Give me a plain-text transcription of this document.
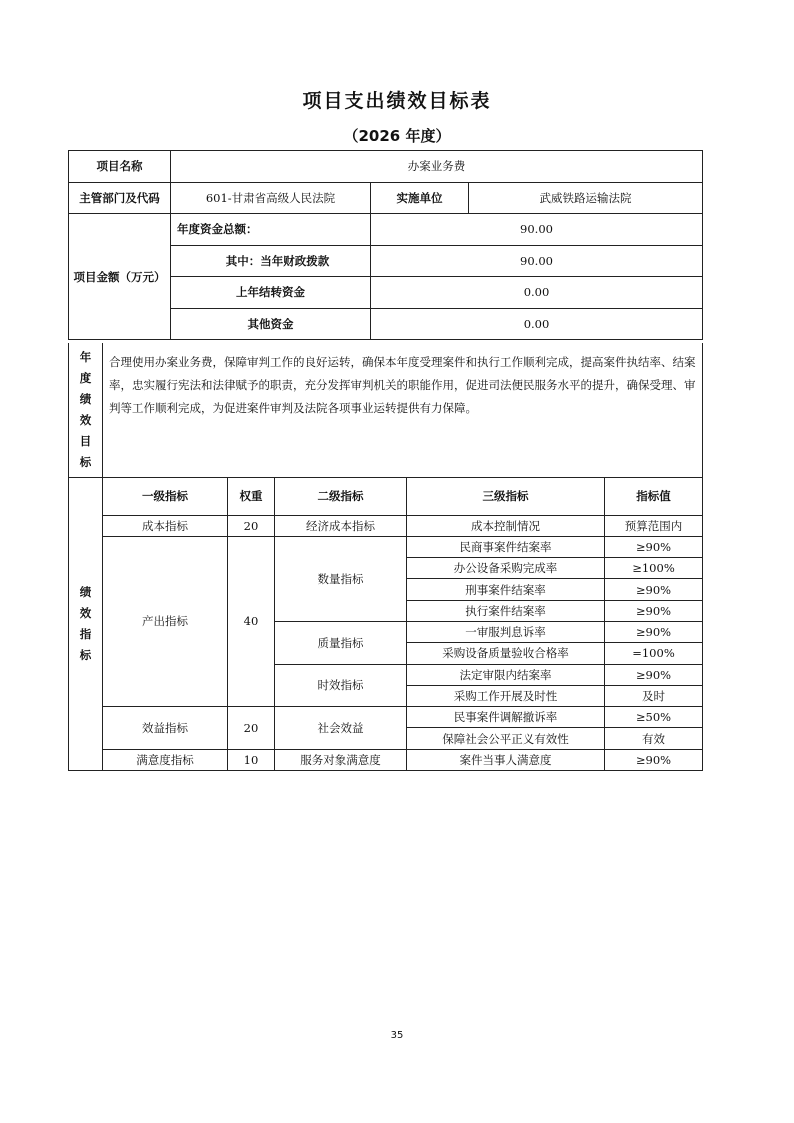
项目支出绩效目标表
（2026 年度）
项目名称	办案业务费		
主管部门及代码	601-甘肃省高级人民法院	实施单位	武威铁路运输法院
项目金额（万元）	年度资金总额：	90.00	
	其中：当年财政拨款	90.00	
	上年结转资金	0.00	
	其他资金	0.00	
年度绩效目标	合理使用办案业务费，保障审判工作的良好运转，确保本年度受理案件和执行工作顺利完成，提高案件执结率、结案率，忠实履行宪法和法律赋予的职责，充分发挥审判机关的职能作用，促进司法便民服务水平的提升，确保受理、审判等工作顺利完成，为促进案件审判及法院各项事业运转提供有力保障。
绩效指标	一级指标	权重	二级指标	三级指标	指标值
	成本指标	20	经济成本指标	成本控制情况	预算范围内
	产出指标	40	数量指标	民商事案件结案率	≥90%
				办公设备采购完成率	≥100%
				刑事案件结案率	≥90%
				执行案件结案率	≥90%
			质量指标	一审服判息诉率	≥90%
				采购设备质量验收合格率	=100%
			时效指标	法定审限内结案率	≥90%
				采购工作开展及时性	及时
	效益指标	20	社会效益	民事案件调解撤诉率	≥50%
				保障社会公平正义有效性	有效
	满意度指标	10	服务对象满意度	案件当事人满意度	≥90%
35
